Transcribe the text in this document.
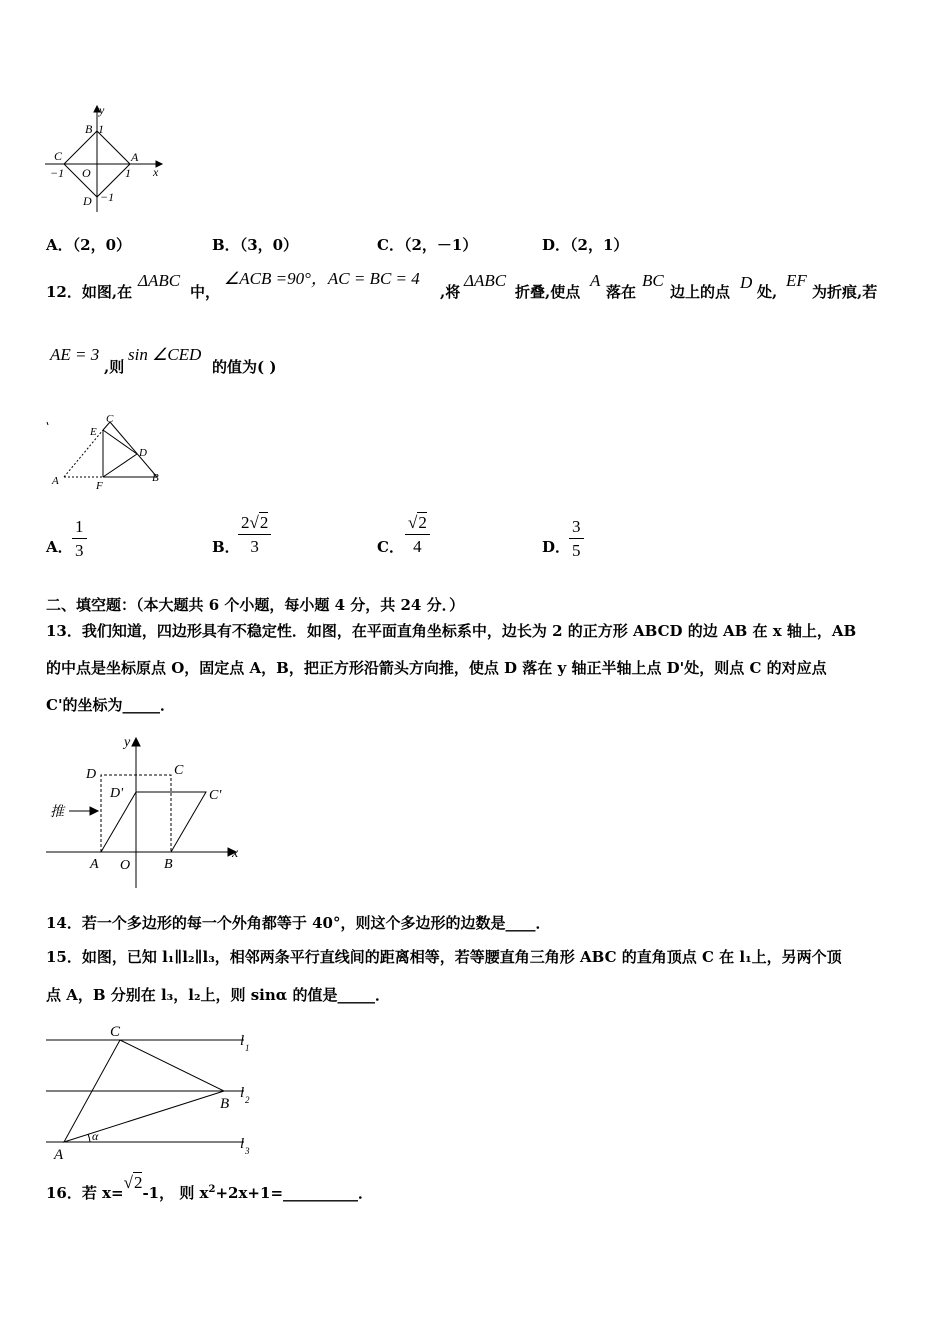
y
x
B 1
C	A
O
−1	1
D −1
A．（2，0）	B．（3，0）	C．（2，－1）	D．（2，1）
12．如图,在
ΔABC
中，
∠ACB =90°，AC = BC = 4
,将
ΔABC
折叠,使点
A
落在
BC
边上的点 D 处,
EF
为折痕,若
AE = 3
,则
sin ∠CED
的值为( )
C
E
D
A	F
B
A． $\frac{1}{3}$	B．
$\frac{2√2}{3}$	C． $\frac{√2}{4}$	D．
$\frac{3}{5}$
二、填空题：（本大题共 6 个小题，每小题 4 分，共 24 分．）
13．我们知道，四边形具有不稳定性．如图，在平面直角坐标系中，边长为 2 的正方形 ABCD 的边 AB 在 x 轴上，AB
的中点是坐标原点 O，固定点 A，B，把正方形沿箭头方向推，使点 D 落在 y 轴正半轴上点 D'处，则点 C 的对应点
C'的坐标为_____．
y
x
D	C
D'	C'
推
A O B
14．若一个多边形的每一个外角都等于 40°，则这个多边形的边数是____．
15．如图，已知 l₁∥l₂∥l₃，相邻两条平行直线间的距离相等，若等腰直角三角形 ABC 的直角顶点 C 在 l₁上，另两个顶
点 A，B 分别在 l₃，l₂上，则 sinα 的值是_____．
C
B
A
α
l 1
l 2
l 3
16．若 x=√2-1， 则 $x^2+2x+1=\_\_\_\_\_\_\_\_\_\_$．
